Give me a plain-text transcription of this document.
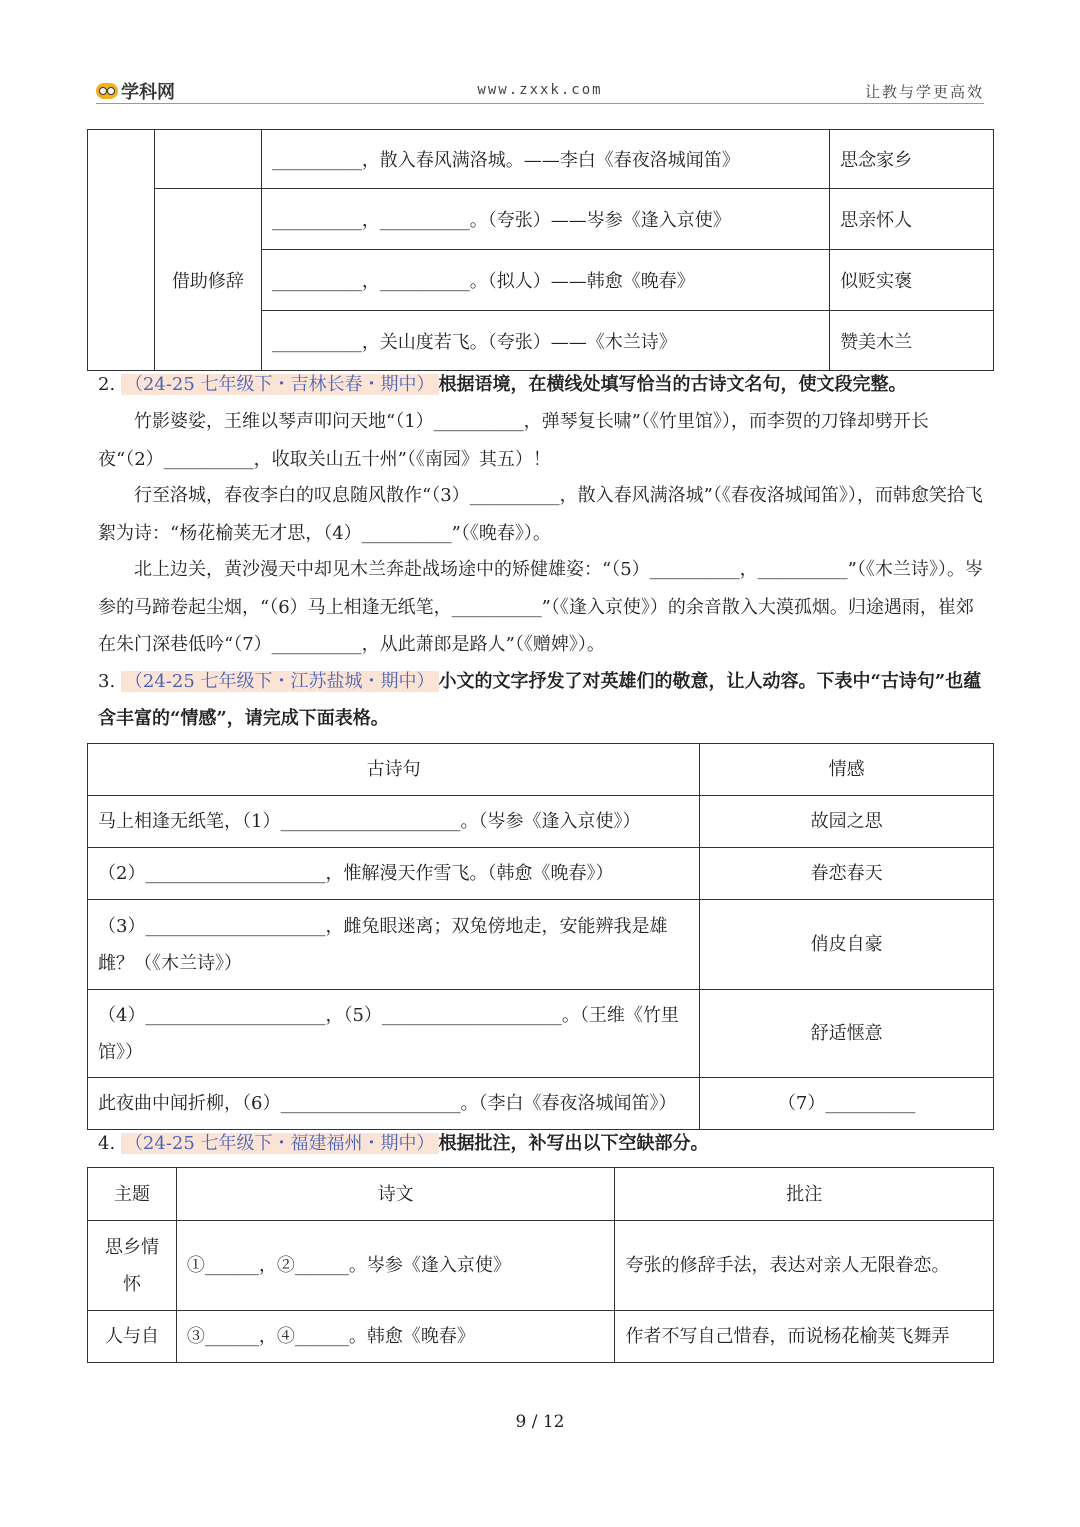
学科网	www.zxxk.com	让教与学更高效
		__________，散入春风满洛城。——李白《春夜洛城闻笛》	思念家乡
	借助修辞	__________，__________。（夸张）——岑参《逢入京使》	思亲怀人
		__________，__________。（拟人）——韩愈《晚春》	似贬实褒
		__________，关山度若飞。（夸张）——《木兰诗》	赞美木兰
2. （24-25 七年级下・吉林长春・期中） 根据语境，在横线处填写恰当的古诗文名句，使文段完整。
竹影婆娑，王维以琴声叩问天地“（1）__________，弹琴复长啸”（《竹里馆》），而李贺的刀锋却劈开长夜“（2）__________，收取关山五十州”（《南园》其五）！
行至洛城，春夜李白的叹息随风散作“（3）__________，散入春风满洛城”（《春夜洛城闻笛》），而韩愈笑拾飞絮为诗：“杨花榆荚无才思，（4）__________”（《晚春》）。
北上边关，黄沙漫天中却见木兰奔赴战场途中的矫健雄姿：“（5）__________，__________”（《木兰诗》）。岑参的马蹄卷起尘烟，“（6）马上相逢无纸笔，__________”（《逢入京使》）的余音散入大漠孤烟。归途遇雨，崔郊在朱门深巷低吟“（7）__________，从此萧郎是路人”（《赠婢》）。
3. （24-25 七年级下・江苏盐城・期中） 小文的文字抒发了对英雄们的敬意，让人动容。下表中“古诗句”也蕴含丰富的“情感”，请完成下面表格。
古诗句	情感
马上相逢无纸笔，（1）____________________。（岑参《逢入京使》）	故园之思
（2）____________________，惟解漫天作雪飞。（韩愈《晚春》）	眷恋春天
（3）____________________，雌兔眼迷离；双兔傍地走，安能辨我是雄雌？（《木兰诗》）	俏皮自豪
（4）____________________，（5）____________________。（王维《竹里馆》）	舒适惬意
此夜曲中闻折柳，（6）____________________。（李白《春夜洛城闻笛》）	（7）__________
4. （24-25 七年级下・福建福州・期中） 根据批注，补写出以下空缺部分。
主题	诗文	批注
思乡情怀	①______，②______。岑参《逢入京使》	夸张的修辞手法，表达对亲人无限眷恋。
人与自	③______，④______。韩愈《晚春》	作者不写自己惜春，而说杨花榆荚飞舞弄
9 / 12
